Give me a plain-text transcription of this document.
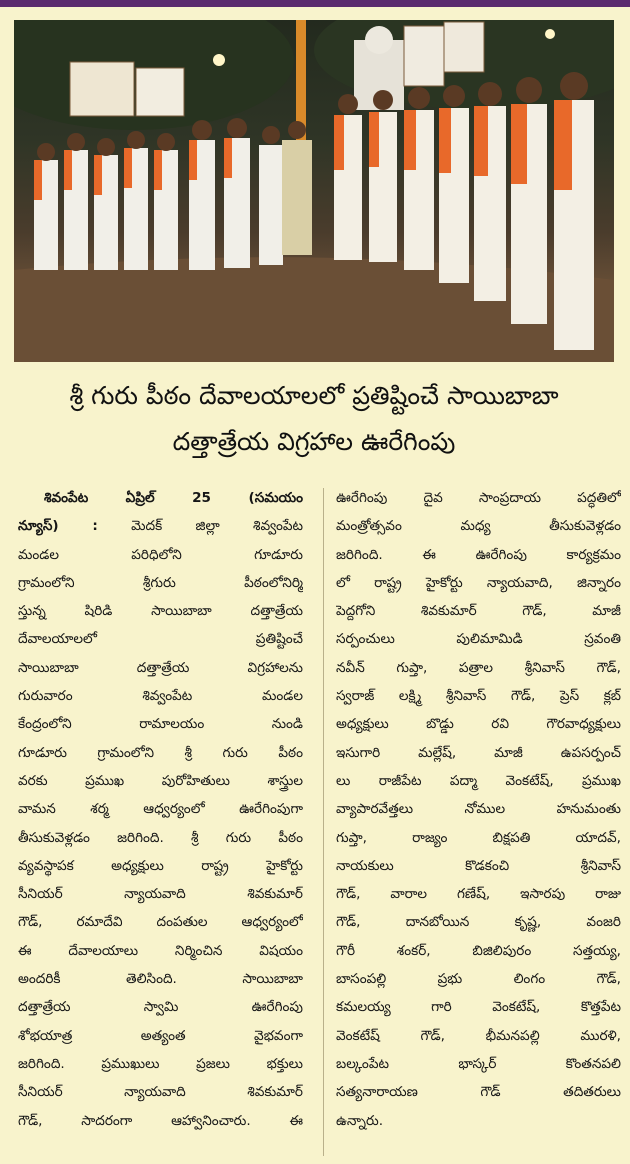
శ్రీ గురు పీఠం దేవాలయాలలో ప్రతిష్టించే సాయిబాబా
దత్తాత్రేయ విగ్రహాల ఊరేగింపు
శివంపేట ఏప్రిల్ 25 (సమయం
న్యూస్) : మెదక్ జిల్లా శివ్వంపేట
మండల పరిధిలోని గూడూరు
గ్రామంలోని శ్రీగురు పీఠంలోనిర్మి
స్తున్న షిరిడి సాయిబాబా దత్తాత్రేయ
దేవాలయాలలో ప్రతిష్టించే
సాయిబాబా దత్తాత్రేయ విగ్రహాలను
గురువారం శివ్వంపేట మండల
కేంద్రంలోని రామాలయం నుండి
గూడూరు గ్రామంలోని శ్రీ గురు పీఠం
వరకు ప్రముఖ పురోహితులు శాస్త్రుల
వామన శర్మ ఆధ్వర్యంలో ఊరేగింపుగా
తీసుకువెళ్లడం జరిగింది. శ్రీ గురు పీఠం
వ్యవస్థాపక అధ్యక్షులు రాష్ట్ర హైకోర్టు
సీనియర్ న్యాయవాది శివకుమార్
గౌడ్, రమాదేవి దంపతుల ఆధ్వర్యంలో
ఈ దేవాలయాలు నిర్మించిన విషయం
అందరికీ తెలిసింది. సాయిబాబా
దత్తాత్రేయ స్వామి ఊరేగింపు
శోభయాత్ర అత్యంత వైభవంగా
జరిగింది. ప్రముఖులు ప్రజలు భక్తులు
సీనియర్ న్యాయవాది శివకుమార్
గౌడ్, సాదరంగా ఆహ్వానించారు. ఈ
ఊరేగింపు దైవ సాంప్రదాయ పద్ధతిలో
మంత్రోత్సవం మధ్య తీసుకువెళ్లడం
జరిగింది. ఈ ఊరేగింపు కార్యక్రమం
లో రాష్ట్ర హైకోర్టు న్యాయవాది, జిన్నారం
పెద్దగోని శివకుమార్ గౌడ్, మాజీ
సర్పంచులు పులిమామిడి స్రవంతి
నవీన్ గుప్తా, పత్రాల శ్రీనివాస్ గౌడ్,
స్వరాజ్ లక్ష్మి శ్రీనివాస్ గౌడ్, ప్రెస్ క్లబ్
అధ్యక్షులు బొడ్డు రవి గౌరవాధ్యక్షులు
ఇసుగారి మల్లేష్, మాజీ ఉపసర్పంచ్
లు రాజీపేట పద్మా వెంకటేష్, ప్రముఖ
వ్యాపారవేత్తలు నోముల హనుమంతు
గుప్తా, రాజ్యం బిక్షపతి యాదవ్,
నాయకులు కొడకంచి శ్రీనివాస్
గౌడ్, వారాల గణేష్, ఇసారపు రాజు
గౌడ్, దానబోయిన కృష్ణ, వంజరి
గౌరీ శంకర్, బిజిలిపురం సత్తయ్య,
బాసంపల్లి ప్రభు లింగం గౌడ్,
కమలయ్య గారి వెంకటేష్, కొత్తపేట
వెంకటేష్ గౌడ్, భీమనపల్లి మురళి,
బల్కంపేట భాస్కర్ కొంతనపలి
సత్యనారాయణ గౌడ్ తదితరులు
ఉన్నారు.
